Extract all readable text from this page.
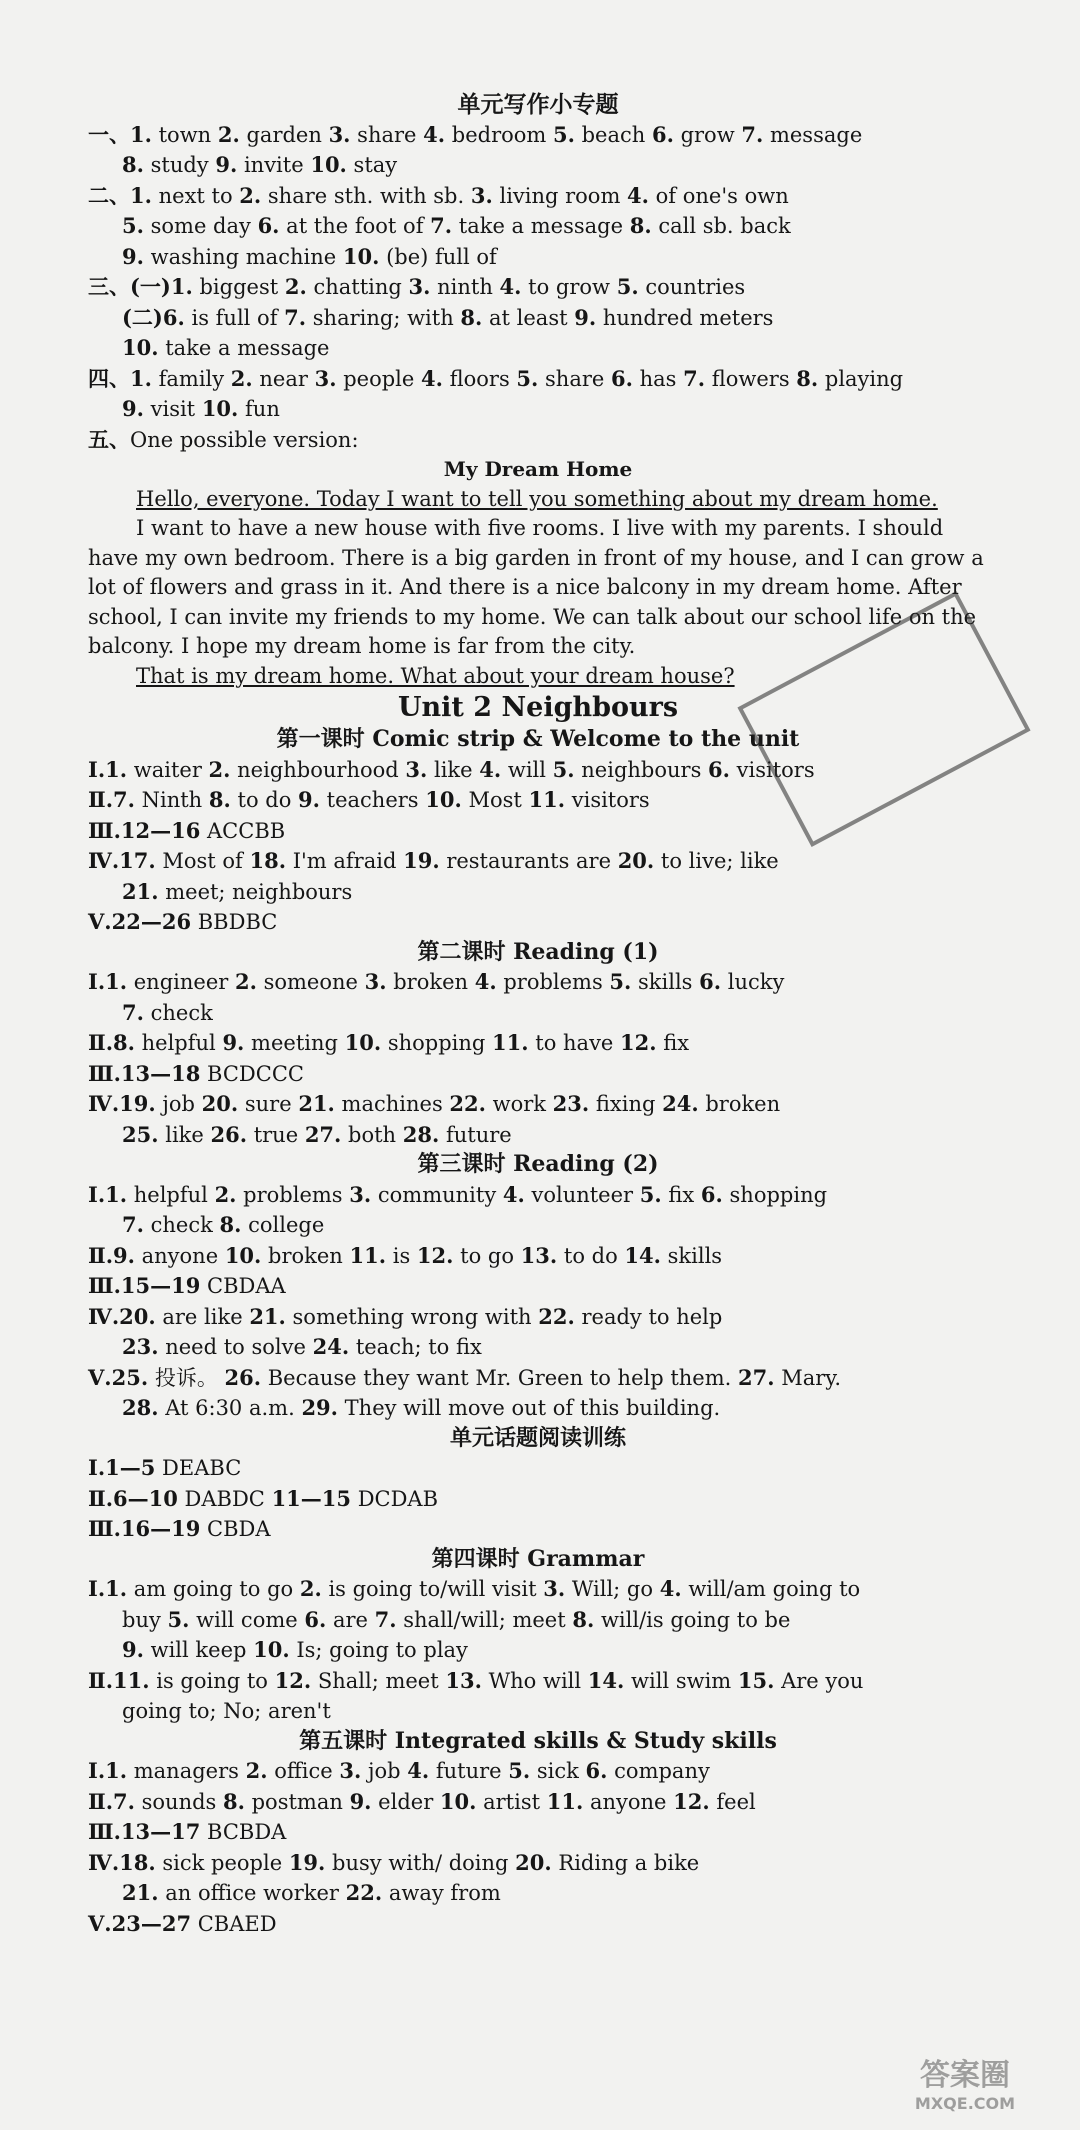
单元写作小专题
一、1. town 2. garden 3. share 4. bedroom 5. beach 6. grow 7. message
8. study 9. invite 10. stay
二、1. next to 2. share sth. with sb. 3. living room 4. of one's own
5. some day 6. at the foot of 7. take a message 8. call sb. back
9. washing machine 10. (be) full of
三、(一)1. biggest 2. chatting 3. ninth 4. to grow 5. countries
(二)6. is full of 7. sharing; with 8. at least 9. hundred meters
10. take a message
四、1. family 2. near 3. people 4. floors 5. share 6. has 7. flowers 8. playing
9. visit 10. fun
五、One possible version:
My Dream Home
Hello, everyone. Today I want to tell you something about my dream home.
I want to have a new house with five rooms. I live with my parents. I should have my own bedroom. There is a big garden in front of my house, and I can grow a lot of flowers and grass in it. And there is a nice balcony in my dream home. After school, I can invite my friends to my home. We can talk about our school life on the balcony. I hope my dream home is far from the city.
That is my dream home. What about your dream house?
Unit 2 Neighbours
第一课时 Comic strip & Welcome to the unit
Ⅰ.1. waiter 2. neighbourhood 3. like 4. will 5. neighbours 6. visitors
Ⅱ.7. Ninth 8. to do 9. teachers 10. Most 11. visitors
Ⅲ.12—16 ACCBB
Ⅳ.17. Most of 18. I'm afraid 19. restaurants are 20. to live; like
21. meet; neighbours
Ⅴ.22—26 BBDBC
第二课时 Reading (1)
Ⅰ.1. engineer 2. someone 3. broken 4. problems 5. skills 6. lucky
7. check
Ⅱ.8. helpful 9. meeting 10. shopping 11. to have 12. fix
Ⅲ.13—18 BCDCCC
Ⅳ.19. job 20. sure 21. machines 22. work 23. fixing 24. broken
25. like 26. true 27. both 28. future
第三课时 Reading (2)
Ⅰ.1. helpful 2. problems 3. community 4. volunteer 5. fix 6. shopping
7. check 8. college
Ⅱ.9. anyone 10. broken 11. is 12. to go 13. to do 14. skills
Ⅲ.15—19 CBDAA
Ⅳ.20. are like 21. something wrong with 22. ready to help
23. need to solve 24. teach; to fix
Ⅴ.25. 投诉。 26. Because they want Mr. Green to help them. 27. Mary.
28. At 6:30 a.m. 29. They will move out of this building.
单元话题阅读训练
Ⅰ.1—5 DEABC
Ⅱ.6—10 DABDC 11—15 DCDAB
Ⅲ.16—19 CBDA
第四课时 Grammar
Ⅰ.1. am going to go 2. is going to/will visit 3. Will; go 4. will/am going to
buy 5. will come 6. are 7. shall/will; meet 8. will/is going to be
9. will keep 10. Is; going to play
Ⅱ.11. is going to 12. Shall; meet 13. Who will 14. will swim 15. Are you
going to; No; aren't
第五课时 Integrated skills & Study skills
Ⅰ.1. managers 2. office 3. job 4. future 5. sick 6. company
Ⅱ.7. sounds 8. postman 9. elder 10. artist 11. anyone 12. feel
Ⅲ.13—17 BCBDA
Ⅳ.18. sick people 19. busy with/ doing 20. Riding a bike
21. an office worker 22. away from
Ⅴ.23—27 CBAED
答案圈
MXQE.COM
